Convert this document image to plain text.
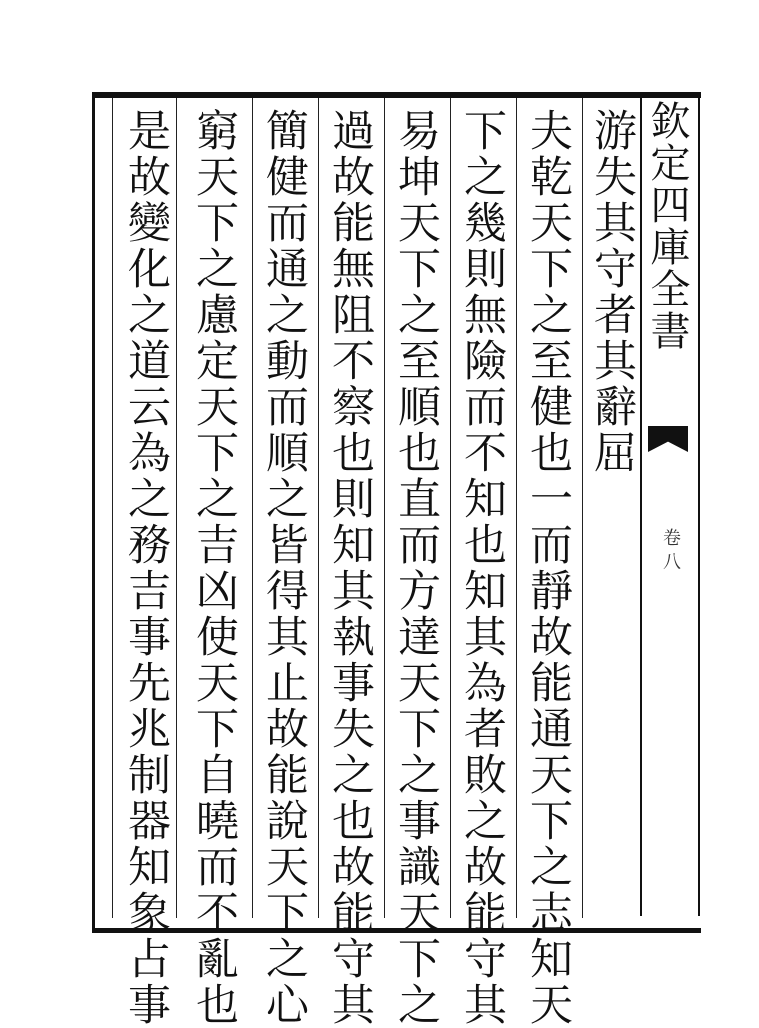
欽定四庫全書
卷八
游失其守者其辭屈
夫乾天下之至健也一而靜故能通天下之志知天
下之幾則無險而不知也知其為者敗之故能守其
易坤天下之至順也直而方達天下之事識天下之
過故能無阻不察也則知其執事失之也故能守其
簡健而通之動而順之皆得其止故能說天下之心
窮天下之慮定天下之吉凶使天下自曉而不亂也
是故變化之道云為之務吉事先兆制器知象占事
